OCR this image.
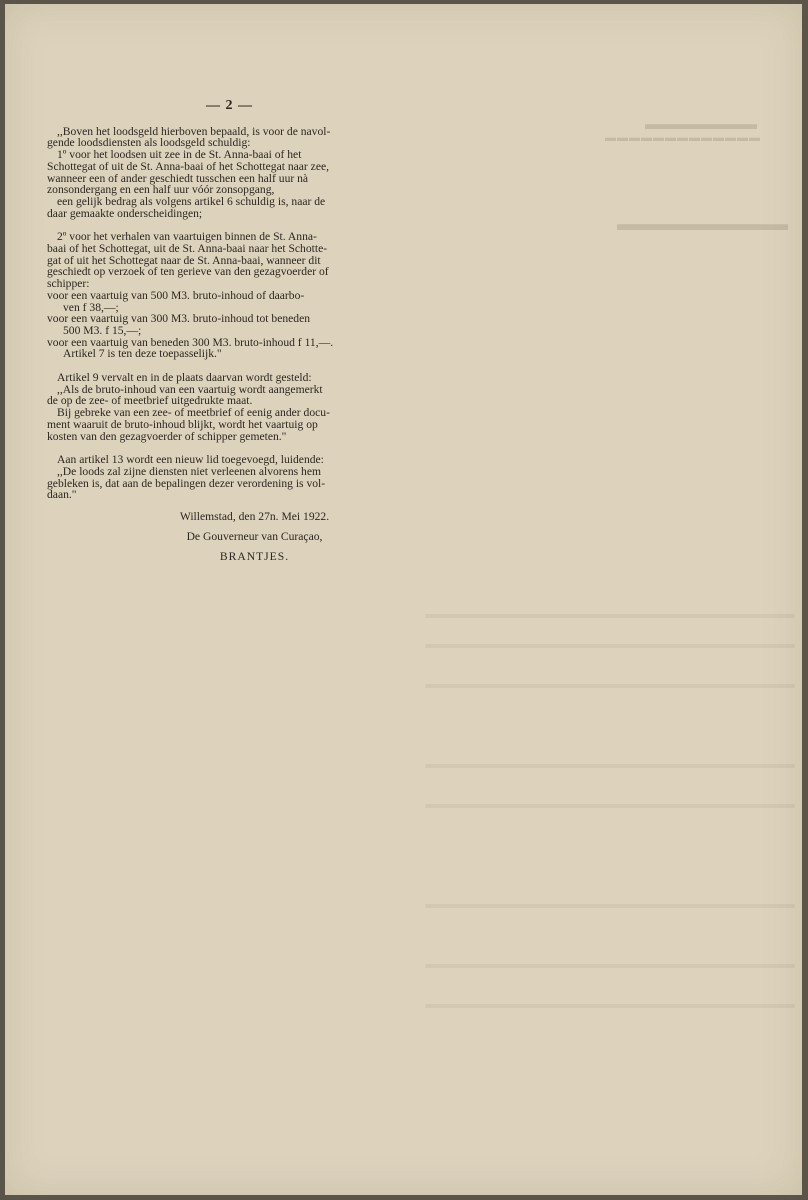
▬▬▬▬▬▬▬
▬▬▬▬▬▬▬▬▬▬▬▬▬
▬▬▬▬▬▬▬▬▬
— 2 —

,,Boven het loodsgeld hierboven bepaald, is voor de navol-
gende loodsdiensten als loodsgeld schuldig:
1º voor het loodsen uit zee in de St. Anna-baai of het
Schottegat of uit de St. Anna-baai of het Schottegat naar zee,
wanneer een of ander geschiedt tusschen een half uur nà
zonsondergang en een half uur vóór zonsopgang,
een gelijk bedrag als volgens artikel 6 schuldig is, naar de
daar gemaakte onderscheidingen;

2º voor het verhalen van vaartuigen binnen de St. Anna-
baai of het Schottegat, uit de St. Anna-baai naar het Schotte-
gat of uit het Schottegat naar de St. Anna-baai, wanneer dit
geschiedt op verzoek of ten gerieve van den gezagvoerder of
schipper:
voor een vaartuig van 500 M3. bruto-inhoud of daarbo-
ven f 38,—;
voor een vaartuig van 300 M3. bruto-inhoud tot beneden
500 M3. f 15,—;
voor een vaartuig van beneden 300 M3. bruto-inhoud f 11,—.
Artikel 7 is ten deze toepasselijk."

Artikel 9 vervalt en in de plaats daarvan wordt gesteld:
,,Als de bruto-inhoud van een vaartuig wordt aangemerkt
de op de zee- of meetbrief uitgedrukte maat.
Bij gebreke van een zee- of meetbrief of eenig ander docu-
ment waaruit de bruto-inhoud blijkt, wordt het vaartuig op
kosten van den gezagvoerder of schipper gemeten."

Aan artikel 13 wordt een nieuw lid toegevoegd, luidende:
,,De loods zal zijne diensten niet verleenen alvorens hem
gebleken is, dat aan de bepalingen dezer verordening is vol-
daan."

Willemstad, den 27n. Mei 1922.
De Gouverneur van Curaçao,
BRANTJES.
